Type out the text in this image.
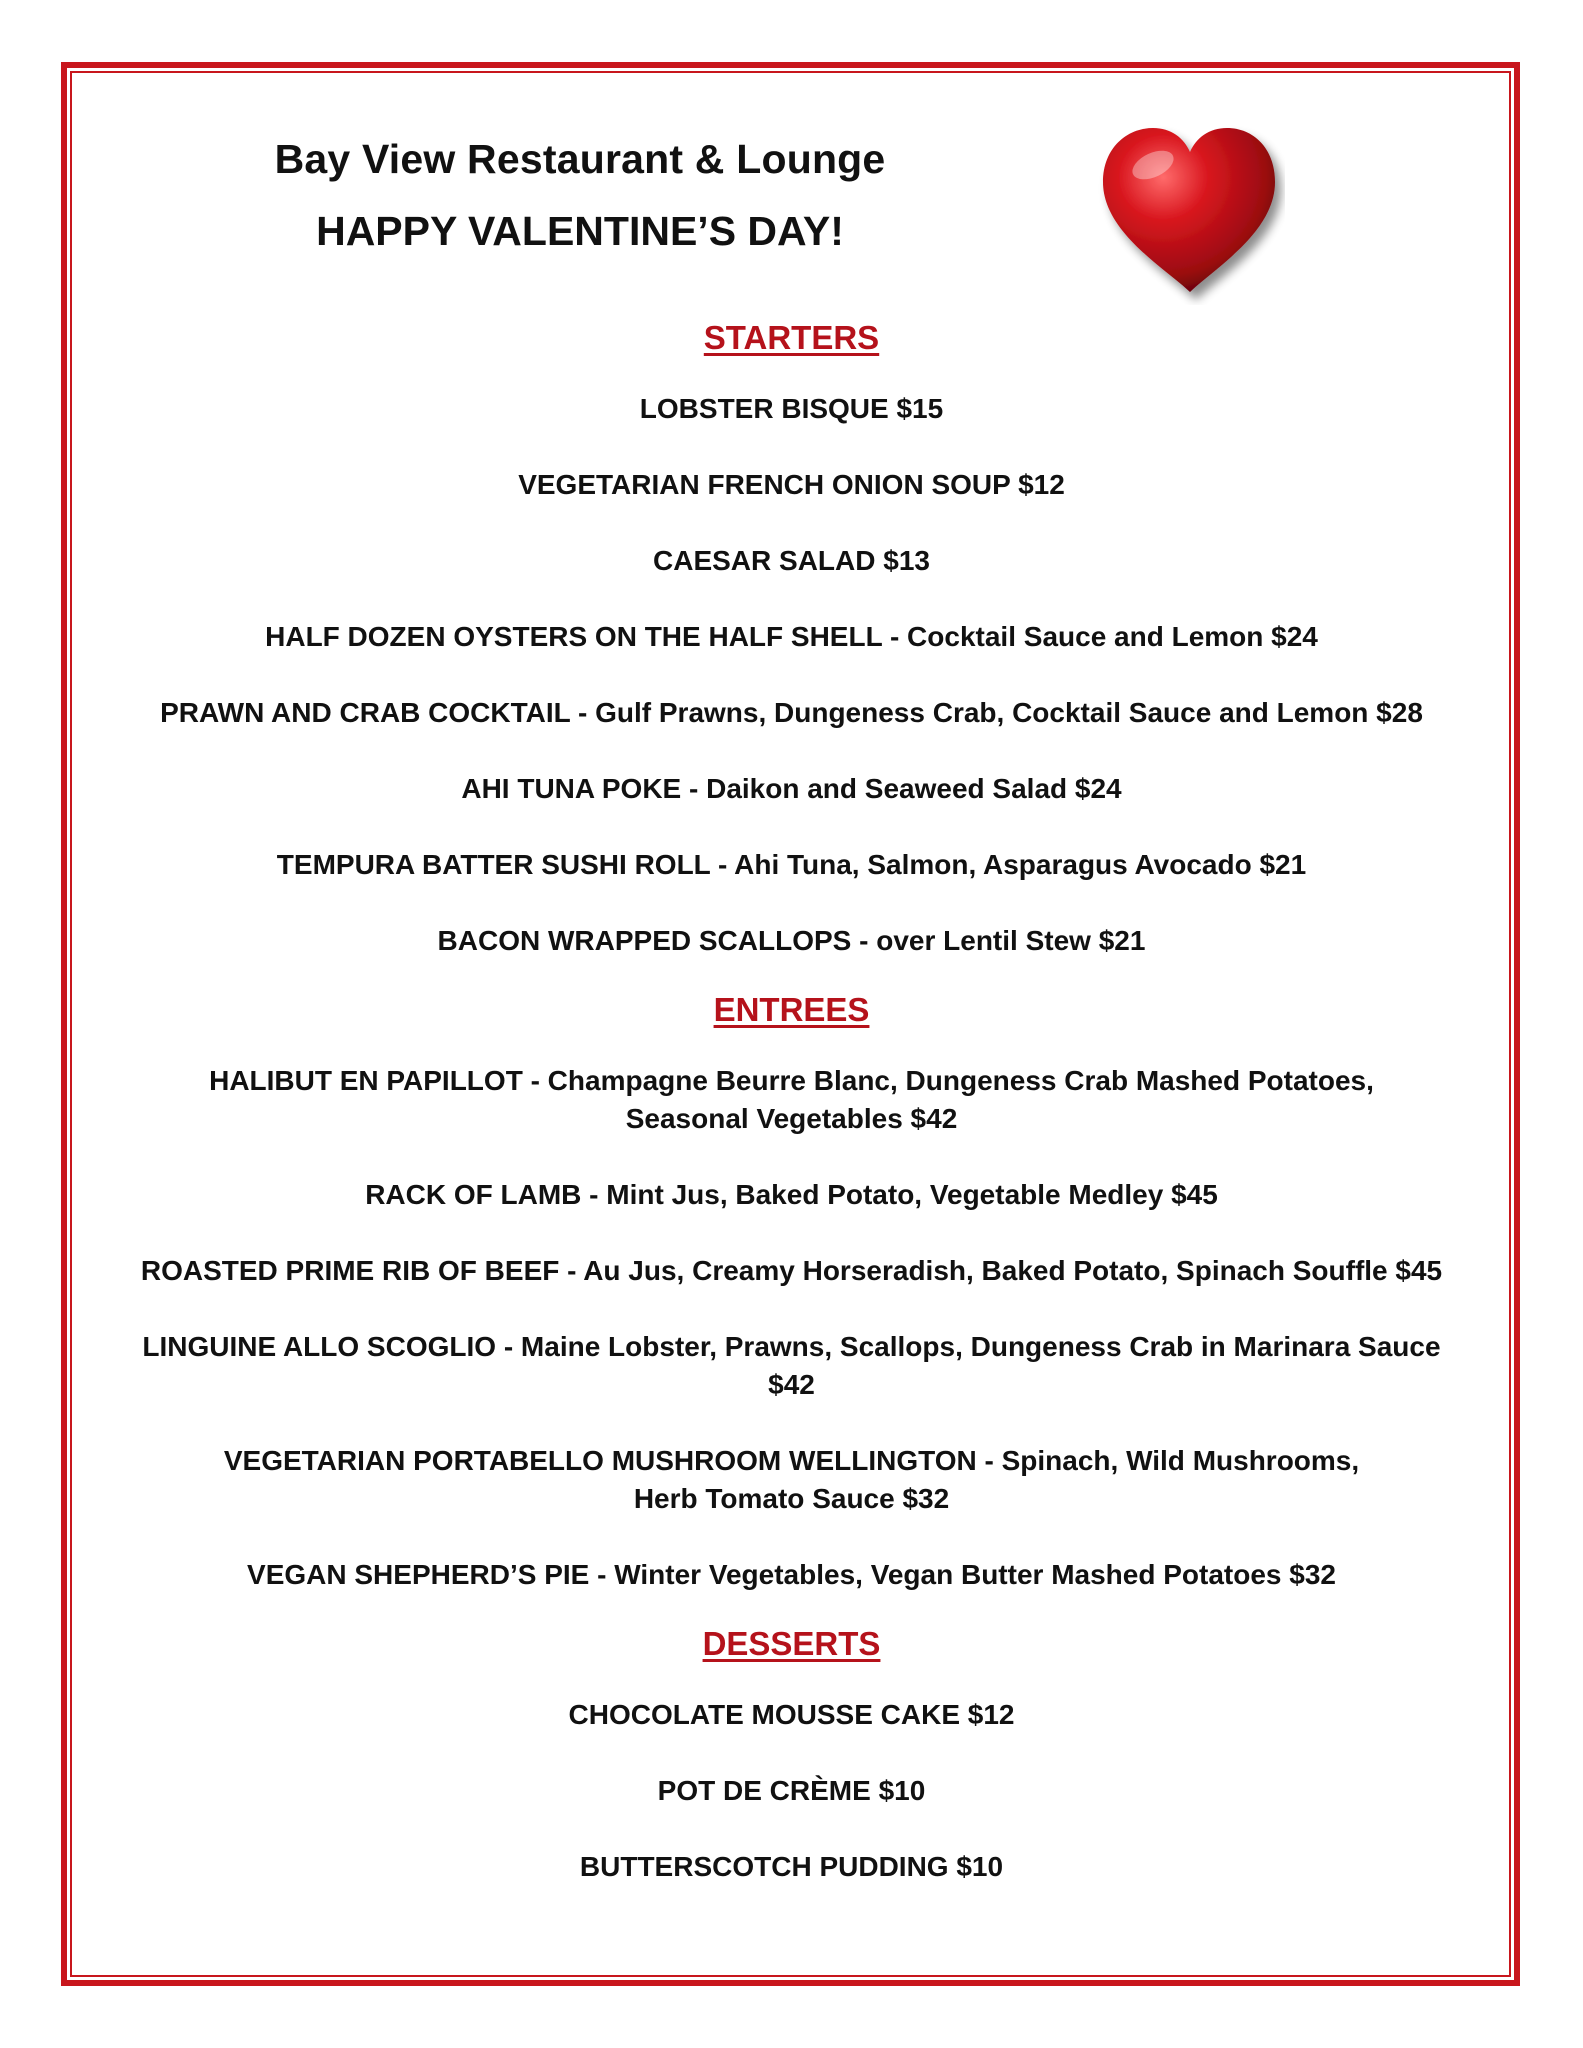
Bay View Restaurant & Lounge
HAPPY VALENTINE’S DAY!
STARTERS

LOBSTER BISQUE $15

VEGETARIAN FRENCH ONION SOUP $12

CAESAR SALAD $13

HALF DOZEN OYSTERS ON THE HALF SHELL - Cocktail Sauce and Lemon $24

PRAWN AND CRAB COCKTAIL - Gulf Prawns, Dungeness Crab, Cocktail Sauce and Lemon $28

AHI TUNA POKE - Daikon and Seaweed Salad $24

TEMPURA BATTER SUSHI ROLL - Ahi Tuna, Salmon, Asparagus Avocado $21

BACON WRAPPED SCALLOPS - over Lentil Stew $21

ENTREES

HALIBUT EN PAPILLOT - Champagne Beurre Blanc, Dungeness Crab Mashed Potatoes,
Seasonal Vegetables $42

RACK OF LAMB - Mint Jus, Baked Potato, Vegetable Medley $45

ROASTED PRIME RIB OF BEEF - Au Jus, Creamy Horseradish, Baked Potato, Spinach Souffle $45

LINGUINE ALLO SCOGLIO - Maine Lobster, Prawns, Scallops, Dungeness Crab in Marinara Sauce
$42

VEGETARIAN PORTABELLO MUSHROOM WELLINGTON - Spinach, Wild Mushrooms,
Herb Tomato Sauce $32

VEGAN SHEPHERD’S PIE - Winter Vegetables, Vegan Butter Mashed Potatoes $32

DESSERTS

CHOCOLATE MOUSSE CAKE $12

POT DE CRÈME $10

BUTTERSCOTCH PUDDING $10
